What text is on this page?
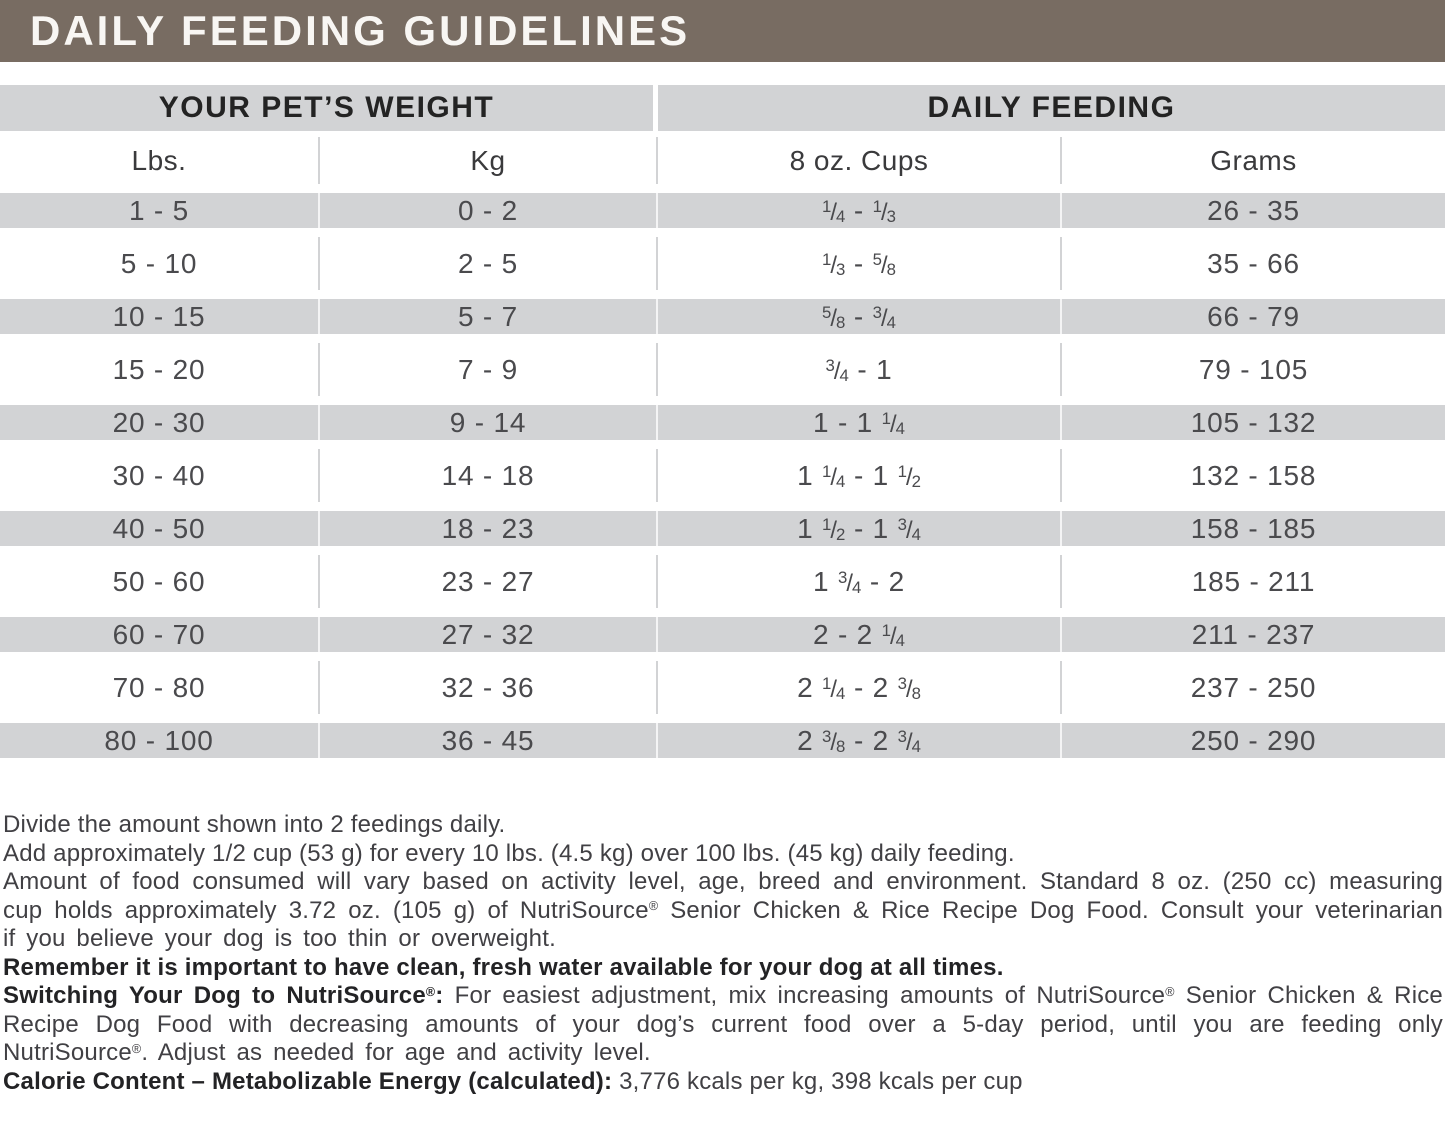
DAILY FEEDING GUIDELINES
YOUR PET’S WEIGHT	DAILY FEEDING
Lbs.	Kg	8 oz. Cups	Grams
1 - 5	0 - 2	$^1/_4 - ^1/_3$	26 - 35
5 - 10	2 - 5	$^1/_3 - ^5/_8$	35 - 66
10 - 15	5 - 7	$^5/_8 - ^3/_4$	66 - 79
15 - 20	7 - 9	$^3/_4 - 1$	79 - 105
20 - 30	9 - 14	1 - 1 $^1/_4$	105 - 132
30 - 40	14 - 18	1 $^1/_4 - 1$ $^1/_2$	132 - 158
40 - 50	18 - 23	1 $^1/_2 - 1$ $^3/_4$	158 - 185
50 - 60	23 - 27	1 $^3/_4 - 2$	185 - 211
60 - 70	27 - 32	2 - 2 $^1/_4$	211 - 237
70 - 80	32 - 36	2 $^1/_4 - 2$ $^3/_8$	237 - 250
80 - 100	36 - 45	2 $^3/_8 - 2$ $^3/_4$	250 - 290

Divide the amount shown into 2 feedings daily.

Add approximately 1/2 cup (53 g) for every 10 lbs. (4.5 kg) over 100 lbs. (45 kg) daily feeding.

Amount of food consumed will vary based on activity level, age, breed and environment. Standard 8 oz. (250 cc) measuring cup holds approximately 3.72 oz. (105 g) of NutriSource® Senior Chicken & Rice Recipe Dog Food. Consult your veterinarian if you believe your dog is too thin or overweight.

Remember it is important to have clean, fresh water available for your dog at all times.

Switching Your Dog to NutriSource®: For easiest adjustment, mix increasing amounts of NutriSource® Senior Chicken & Rice Recipe Dog Food with decreasing amounts of your dog’s current food over a 5-day period, until you are feeding only NutriSource®. Adjust as needed for age and activity level.

Calorie Content – Metabolizable Energy (calculated): 3,776 kcals per kg, 398 kcals per cup
